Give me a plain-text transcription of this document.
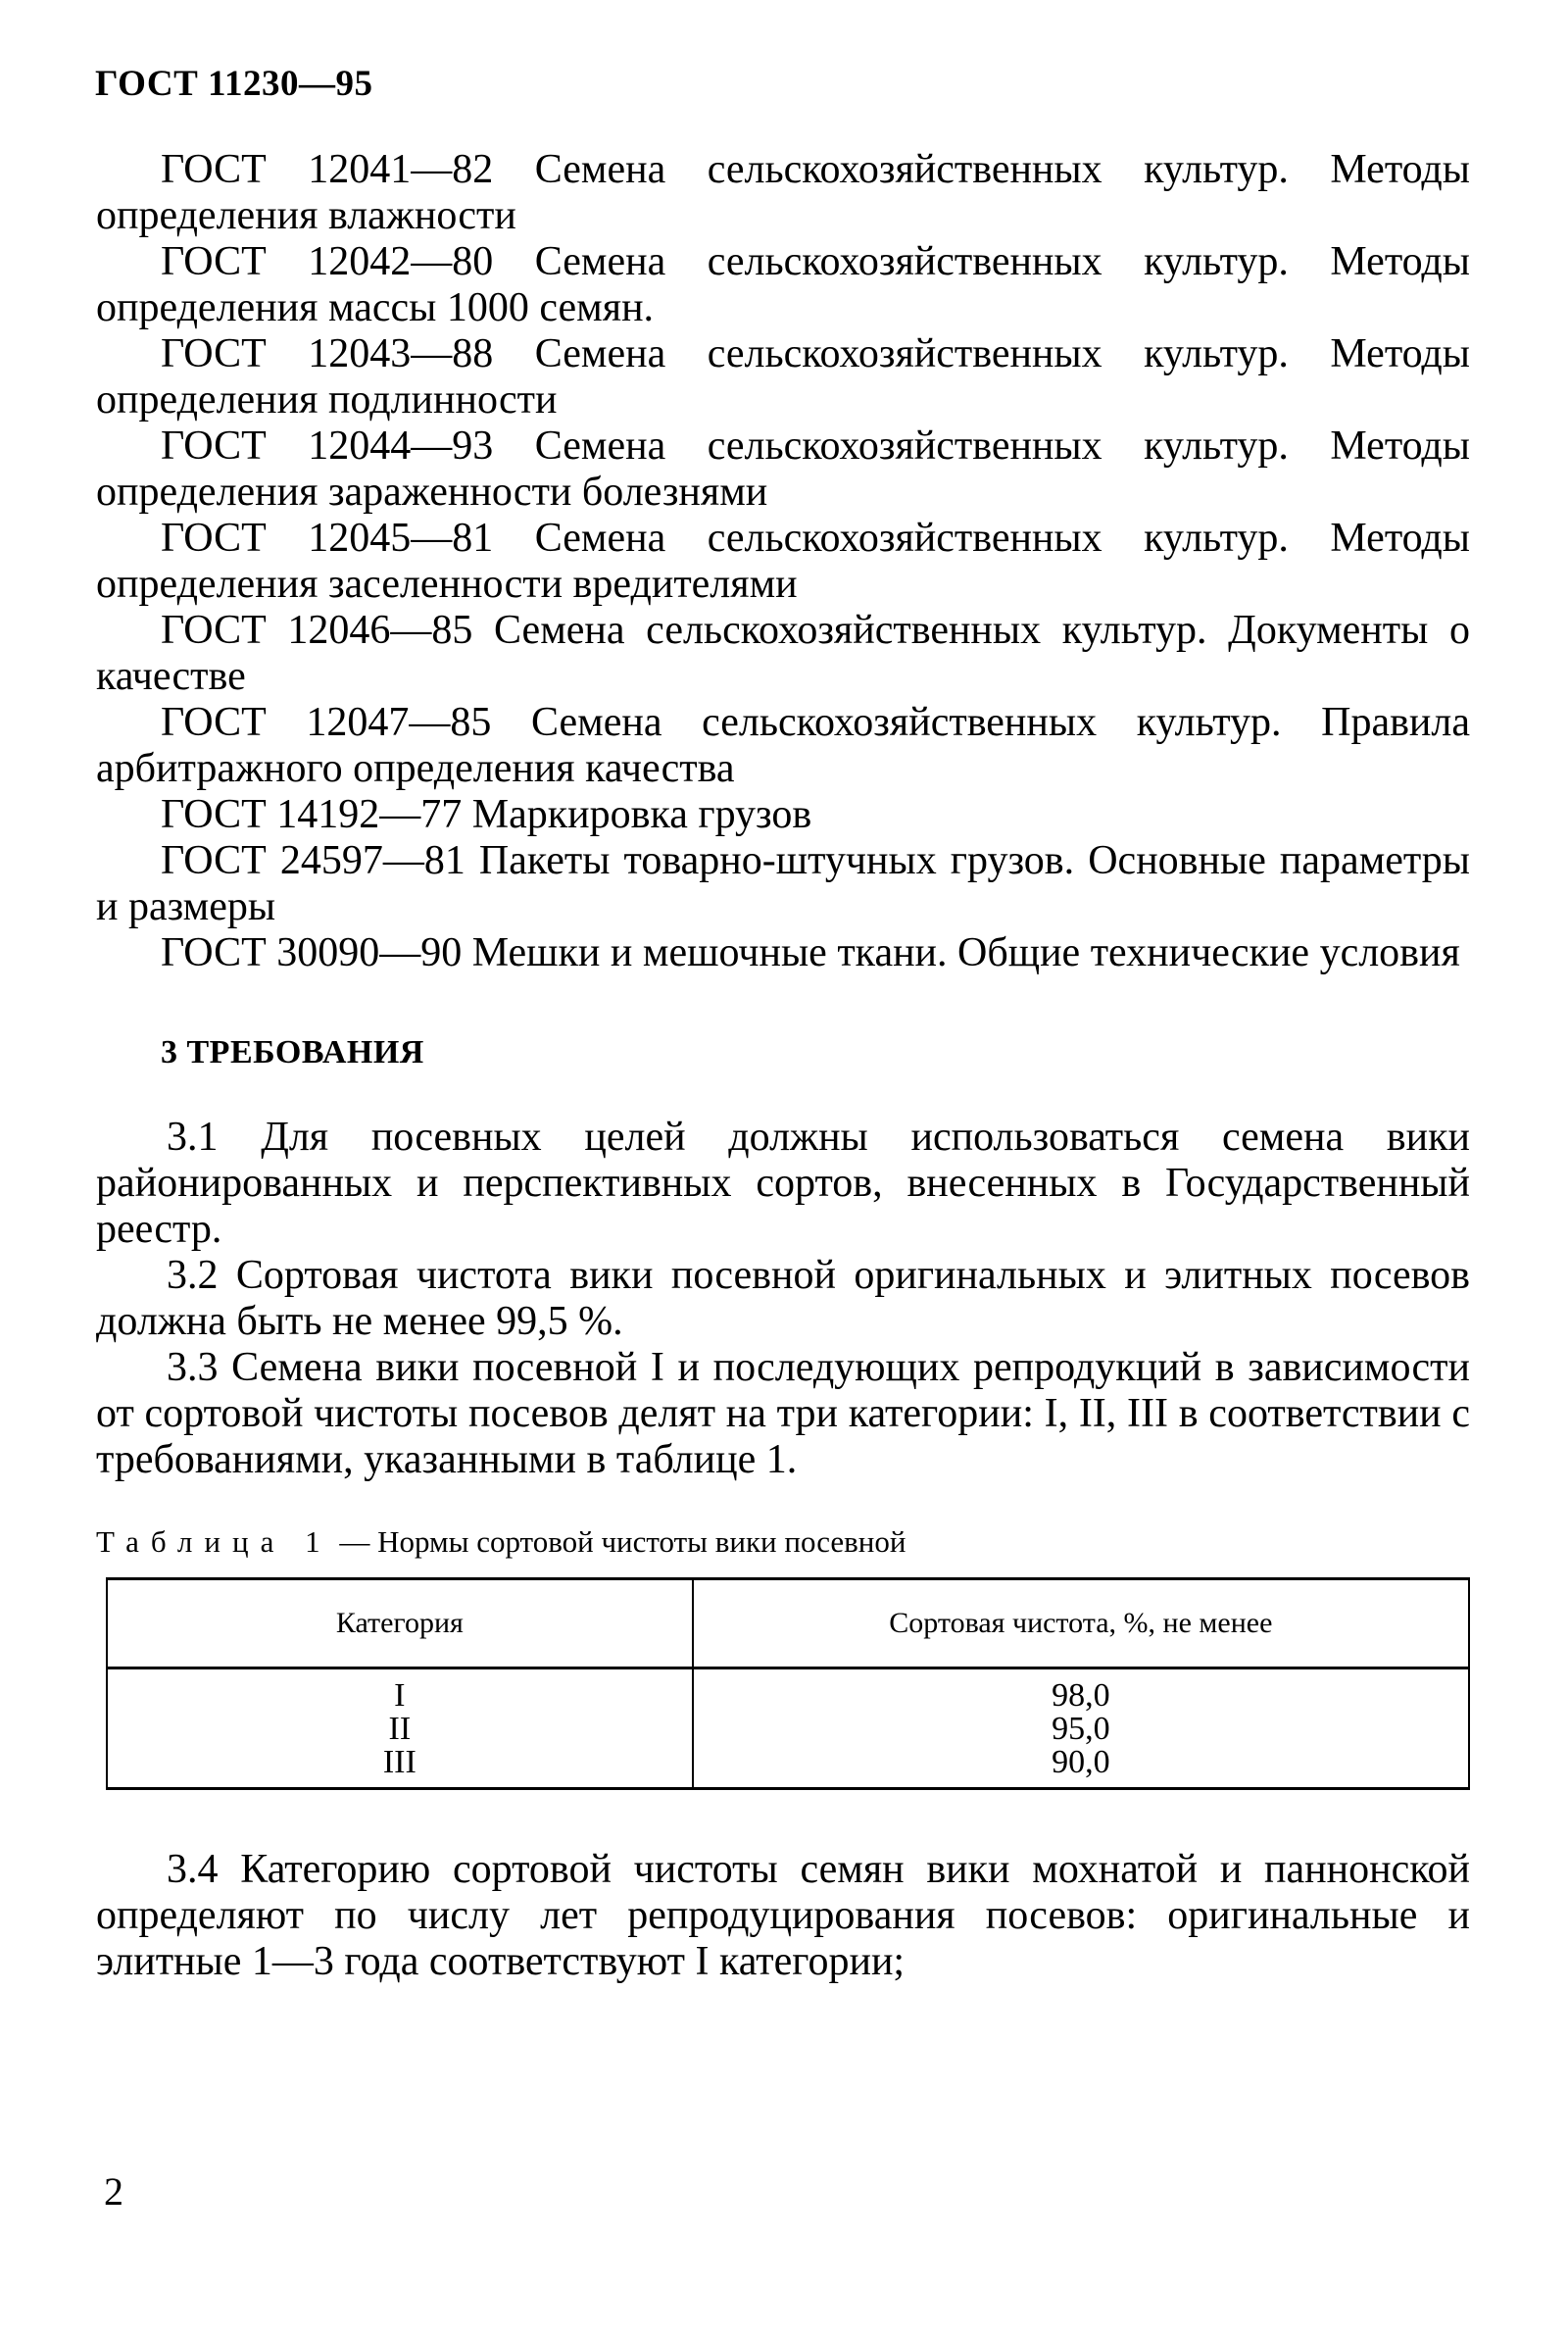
ГОСТ 11230—95

ГОСТ 12041—82 Семена сельскохозяйственных культур. Методы определения влажности

ГОСТ 12042—80 Семена сельскохозяйственных культур. Методы определения массы 1000 семян.

ГОСТ 12043—88 Семена сельскохозяйственных культур. Методы определения подлинности

ГОСТ 12044—93 Семена сельскохозяйственных культур. Методы определения зараженности болезнями

ГОСТ 12045—81 Семена сельскохозяйственных культур. Методы определения заселенности вредителями

ГОСТ 12046—85 Семена сельскохозяйственных культур. Документы о качестве

ГОСТ 12047—85 Семена сельскохозяйственных культур. Правила арбитражного определения качества

ГОСТ 14192—77 Маркировка грузов

ГОСТ 24597—81 Пакеты товарно-штучных грузов. Основные параметры и размеры

ГОСТ 30090—90 Мешки и мешочные ткани. Общие технические условия

3 ТРЕБОВАНИЯ

3.1 Для посевных целей должны использоваться семена вики районированных и перспективных сортов, внесенных в Государственный реестр.

3.2 Сортовая чистота вики посевной оригинальных и элитных посевов должна быть не менее 99,5 %.

3.3 Семена вики посевной I и последующих репродукций в зависимости от сортовой чистоты посевов делят на три категории: I, II, III в соответствии с требованиями, указанными в таблице 1.

Таблица 1 — Нормы сортовой чистоты вики посевной
Категория	Сортовая чистота, %, не менее
I	98,0
II	95,0
III	90,0

3.4 Категорию сортовой чистоты семян вики мохнатой и паннонской определяют по числу лет репродуцирования посевов: оригинальные и элитные 1—3 года соответствуют I категории;

2
